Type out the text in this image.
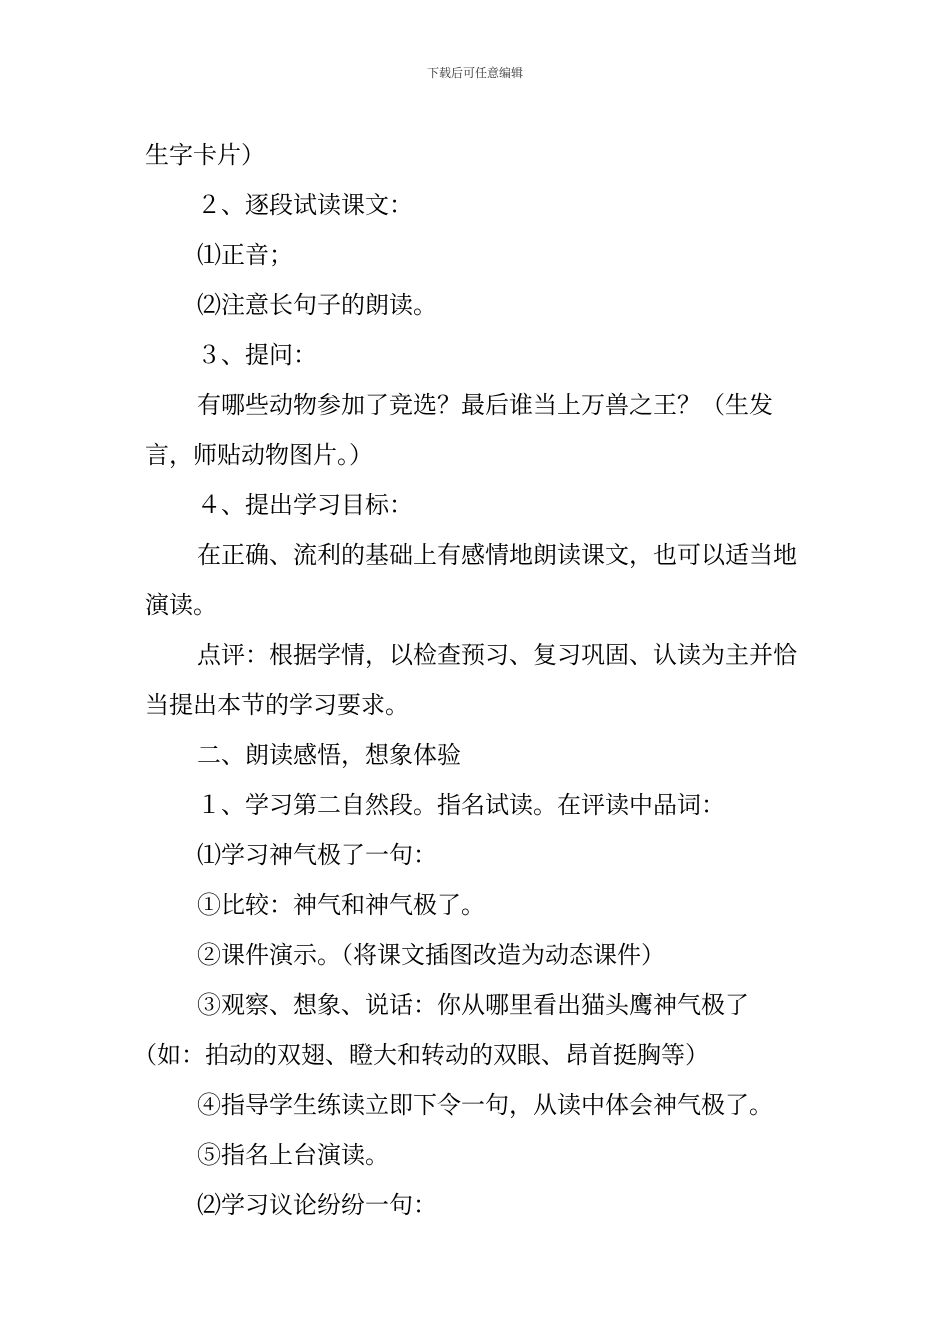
下载后可任意编辑

生字卡片）

２、逐段试读课文：

⑴正音；

⑵注意长句子的朗读。

３、提问：

有哪些动物参加了竞选？最后谁当上万兽之王？（生发言，师贴动物图片。）

４、提出学习目标：

在正确、流利的基础上有感情地朗读课文，也可以适当地演读。

点评：根据学情，以检查预习、复习巩固、认读为主并恰当提出本节的学习要求。

二、朗读感悟，想象体验

１、学习第二自然段。指名试读。在评读中品词：

⑴学习神气极了一句：

①比较：神气和神气极了。

②课件演示。（将课文插图改造为动态课件）

③观察、想象、说话：你从哪里看出猫头鹰神气极了

（如：拍动的双翅、瞪大和转动的双眼、昂首挺胸等）

④指导学生练读立即下令一句，从读中体会神气极了。

⑤指名上台演读。

⑵学习议论纷纷一句：
